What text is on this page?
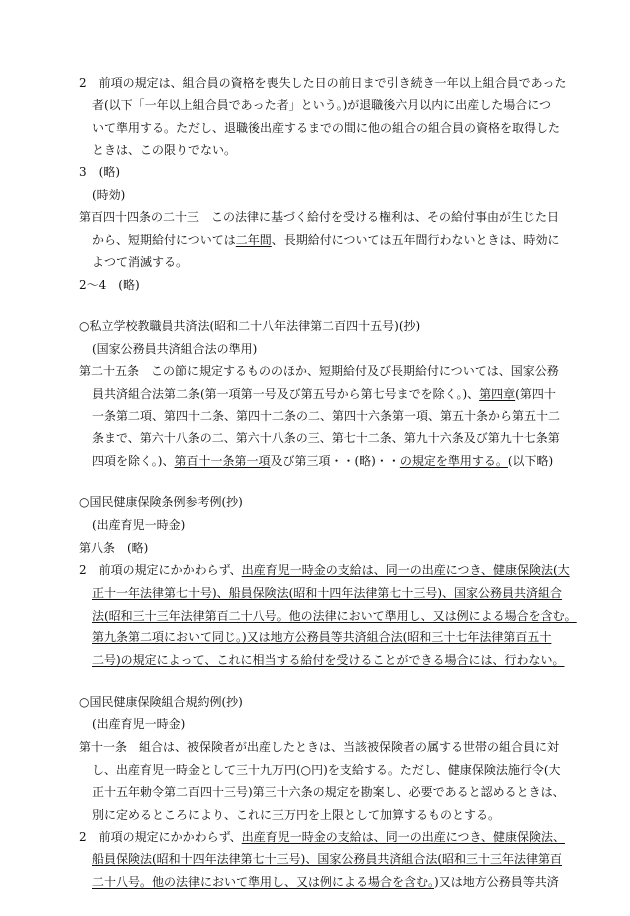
2　前項の規定は、組合員の資格を喪失した日の前日まで引き続き一年以上組合員であった
者(以下「一年以上組合員であった者」という。)が退職後六月以内に出産した場合につ
いて準用する。ただし、退職後出産するまでの間に他の組合の組合員の資格を取得した
ときは、この限りでない。
3　(略)
(時効)
第百四十四条の二十三　この法律に基づく給付を受ける権利は、その給付事由が生じた日
から、短期給付については二年間、長期給付については五年間行わないときは、時効に
よつて消滅する。
2～4　(略)
○私立学校教職員共済法(昭和二十八年法律第二百四十五号)(抄)
(国家公務員共済組合法の準用)
第二十五条　この節に規定するもののほか、短期給付及び長期給付については、国家公務
員共済組合法第二条(第一項第一号及び第五号から第七号までを除く。)、第四章(第四十
一条第二項、第四十二条、第四十二条の二、第四十六条第一項、第五十条から第五十二
条まで、第六十八条の二、第六十八条の三、第七十二条、第九十六条及び第九十七条第
四項を除く。)、第百十一条第一項及び第三項・・(略)・・の規定を準用する。(以下略)
○国民健康保険条例参考例(抄)
(出産育児一時金)
第八条　(略)
2　前項の規定にかかわらず、出産育児一時金の支給は、同一の出産につき、健康保険法(大
正十一年法律第七十号)、船員保険法(昭和十四年法律第七十三号)、国家公務員共済組合
法(昭和三十三年法律第百二十八号。他の法律において準用し、又は例による場合を含む。
第九条第二項において同じ。)又は地方公務員等共済組合法(昭和三十七年法律第百五十
二号)の規定によって、これに相当する給付を受けることができる場合には、行わない。
○国民健康保険組合規約例(抄)
(出産育児一時金)
第十一条　組合は、被保険者が出産したときは、当該被保険者の属する世帯の組合員に対
し、出産育児一時金として三十九万円(○円)を支給する。ただし、健康保険法施行令(大
正十五年勅令第二百四十三号)第三十六条の規定を勘案し、必要であると認めるときは、
別に定めるところにより、これに三万円を上限として加算するものとする。
2　前項の規定にかかわらず、出産育児一時金の支給は、同一の出産につき、健康保険法、
船員保険法(昭和十四年法律第七十三号)、国家公務員共済組合法(昭和三十三年法律第百
二十八号。他の法律において準用し、又は例による場合を含む。)又は地方公務員等共済
